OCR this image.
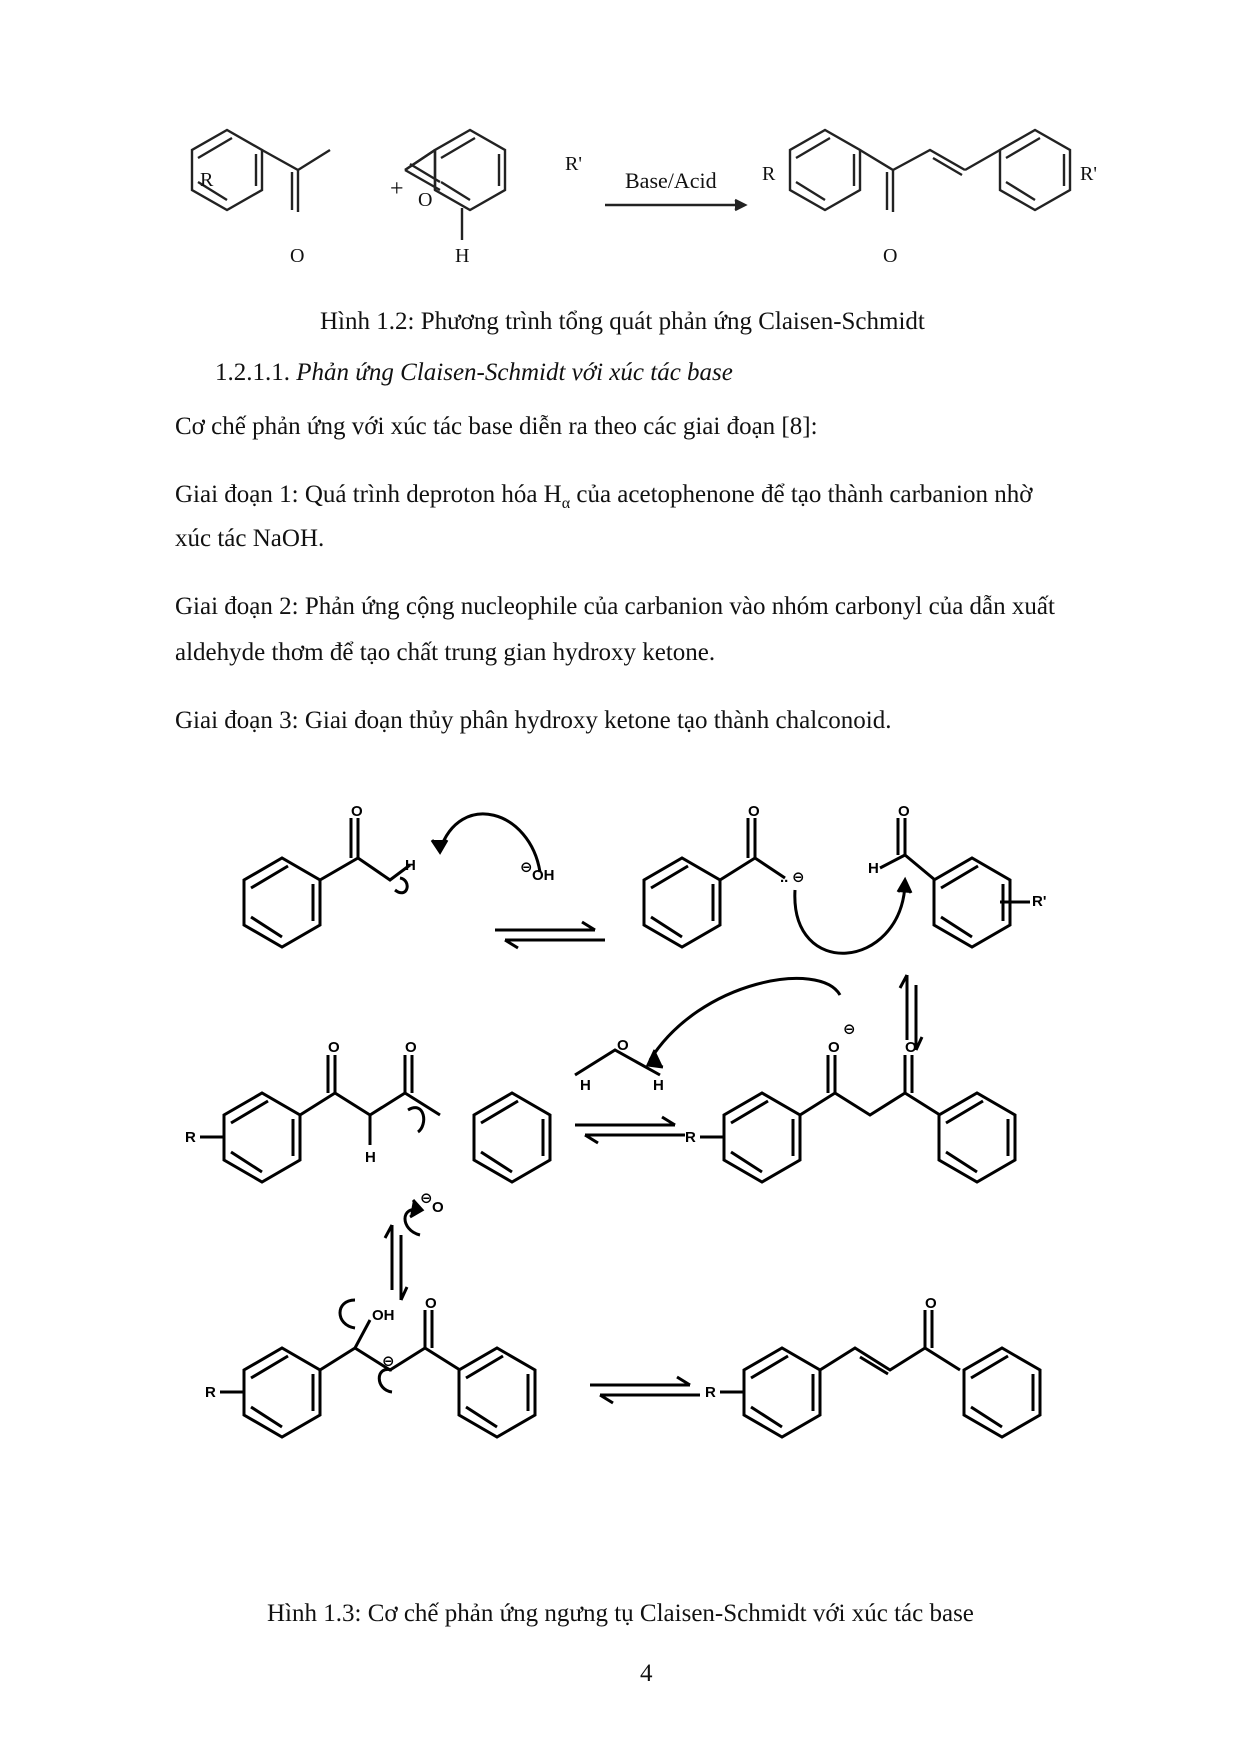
R
O
+ O
H
R'
Base/Acid R
O
R'
Hình 1.2: Phương trình tổng quát phản ứng Claisen-Schmidt
1.2.1.1. Phản ứng Claisen-Schmidt với xúc tác base
Cơ chế phản ứng với xúc tác base diễn ra theo các giai đoạn [8]:
Giai đoạn 1: Quá trình deproton hóa $H_\alpha$ của acetophenone để tạo thành carbanion nhờ
xúc tác NaOH.
Giai đoạn 2: Phản ứng cộng nucleophile của carbanion vào nhóm carbonyl của dẫn xuất
aldehyde thơm để tạo chất trung gian hydroxy ketone.
Giai đoạn 3: Giai đoạn thủy phân hydroxy ketone tạo thành chalconoid.
O
H	⊖ OH
O
.. ⊖
O
H
R'
O	O
H
R
⊖
O
O
H	H
O
⊖
O
R
OH
O
⊖
R
O
R
Hình 1.3: Cơ chế phản ứng ngưng tụ Claisen-Schmidt với xúc tác base
4
